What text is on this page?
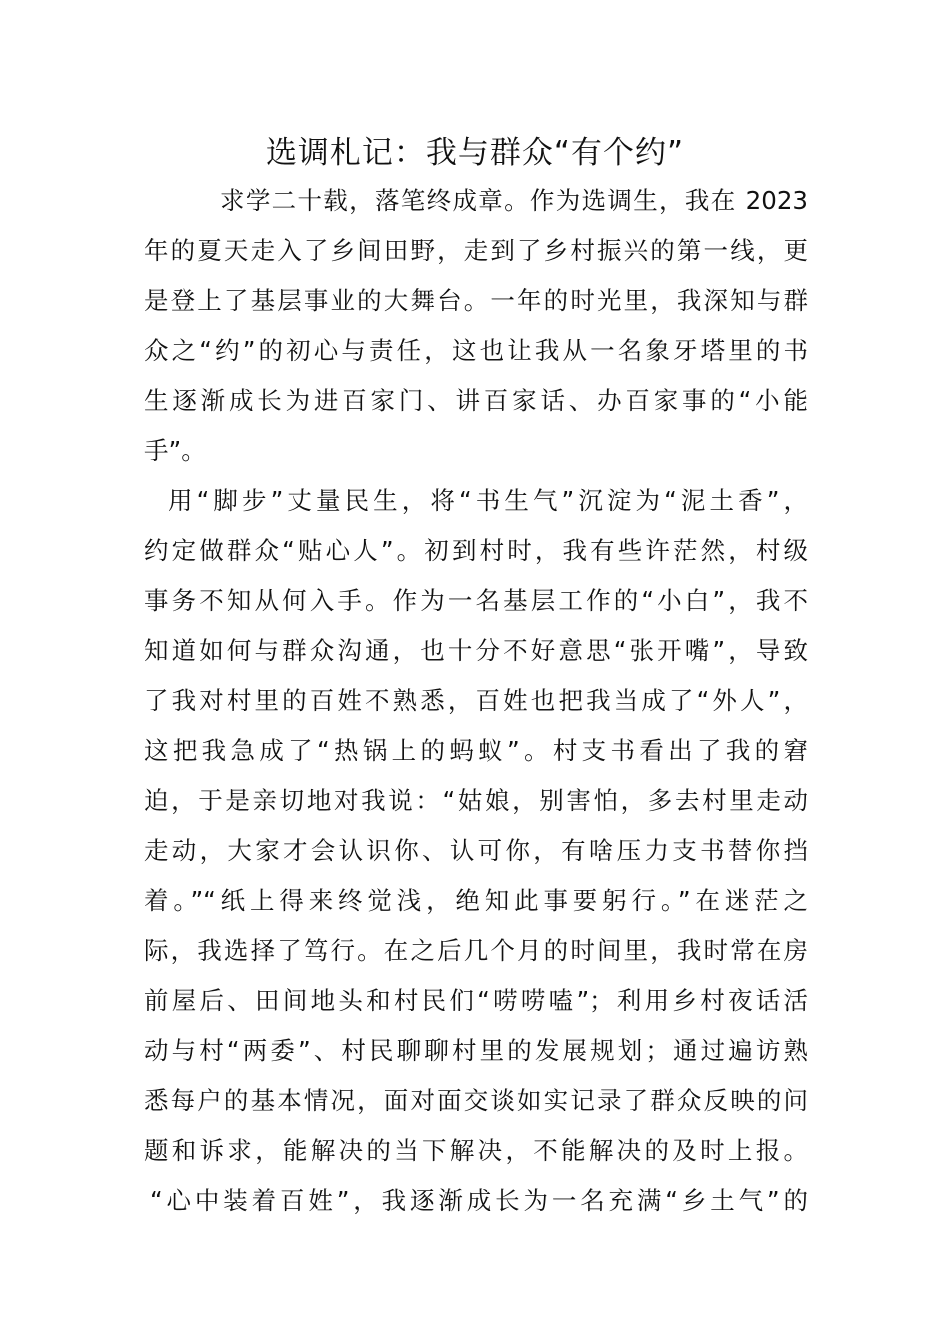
选调札记：我与群众“有个约”

求学二十载，落笔终成章。作为选调生，我在 2023

年的夏天走入了乡间田野，走到了乡村振兴的第一线，更

是登上了基层事业的大舞台。一年的时光里，我深知与群

众之“约”的初心与责任，这也让我从一名象牙塔里的书

生逐渐成长为进百家门、讲百家话、办百家事的“小能

手”。

用“脚步”丈量民生，将“书生气”沉淀为“泥土香”，

约定做群众“贴心人”。初到村时，我有些许茫然，村级

事务不知从何入手。作为一名基层工作的“小白”，我不

知道如何与群众沟通，也十分不好意思“张开嘴”，导致

了我对村里的百姓不熟悉，百姓也把我当成了“外人”，

这把我急成了“热锅上的蚂蚁”。村支书看出了我的窘

迫，于是亲切地对我说：“姑娘，别害怕，多去村里走动

走动，大家才会认识你、认可你，有啥压力支书替你挡

着。”“纸上得来终觉浅，绝知此事要躬行。”在迷茫之

际，我选择了笃行。在之后几个月的时间里，我时常在房

前屋后、田间地头和村民们“唠唠嗑”；利用乡村夜话活

动与村“两委”、村民聊聊村里的发展规划；通过遍访熟

悉每户的基本情况，面对面交谈如实记录了群众反映的问

题和诉求，能解决的当下解决，不能解决的及时上报。

“心中装着百姓”，我逐渐成长为一名充满“乡土气”的
